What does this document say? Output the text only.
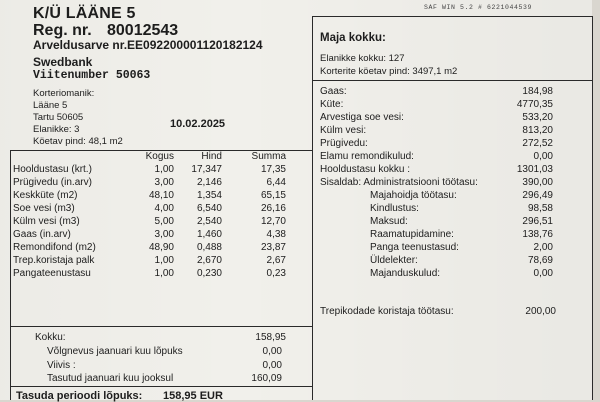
SAF WIN 5.2 # 6221044539
K/Ü LÄÄNE 5
Reg. nr. 80012543
Arveldusarve nr.EE092200001120182124
Swedbank
Viitenumber 50063
Korteriomanik:
Lääne 5
Tartu 50605
Elanikke: 3
Köetav pind: 48,1 m2
10.02.2025
Kogus	Hind	Summa
Hooldustasu (krt.)	1,00	17,347	17,35
Prügivedu (in.arv)	3,00	2,146	6,44
Keskküte (m2)	48,10	1,354	65,15
Soe vesi (m3)	4,00	6,540	26,16
Külm vesi (m3)	5,00	2,540	12,70
Gaas (in.arv)	3,00	1,460	4,38
Remondifond (m2)	48,90	0,488	23,87
Trep.koristaja palk	1,00	2,670	2,67
Pangateenustasu	1,00	0,230	0,23
Kokku:	158,95
Võlgnevus jaanuari kuu lõpuks	0,00
Viivis :	0,00
Tasutud jaanuari kuu jooksul	160,09
Tasuda perioodi lõpuks: 158,95 EUR
Maja kokku:
Elanikke kokku: 127
Korterite köetav pind: 3497,1 m2
Gaas:	184,98
Küte:	4770,35
Arvestiga soe vesi:	533,20
Külm vesi:	813,20
Prügivedu:	272,52
Elamu remondikulud:	0,00
Hooldustasu kokku :	1301,03
Sisaldab: Administratsiooni töötasu:	390,00
Majahoidja töötasu:	296,49
Kindlustus:	98,58
Maksud:	296,51
Raamatupidamine:	138,76
Panga teenustasud:	2,00
Üldelekter:	78,69
Majanduskulud:	0,00
Trepikodade koristaja töötasu:	200,00
